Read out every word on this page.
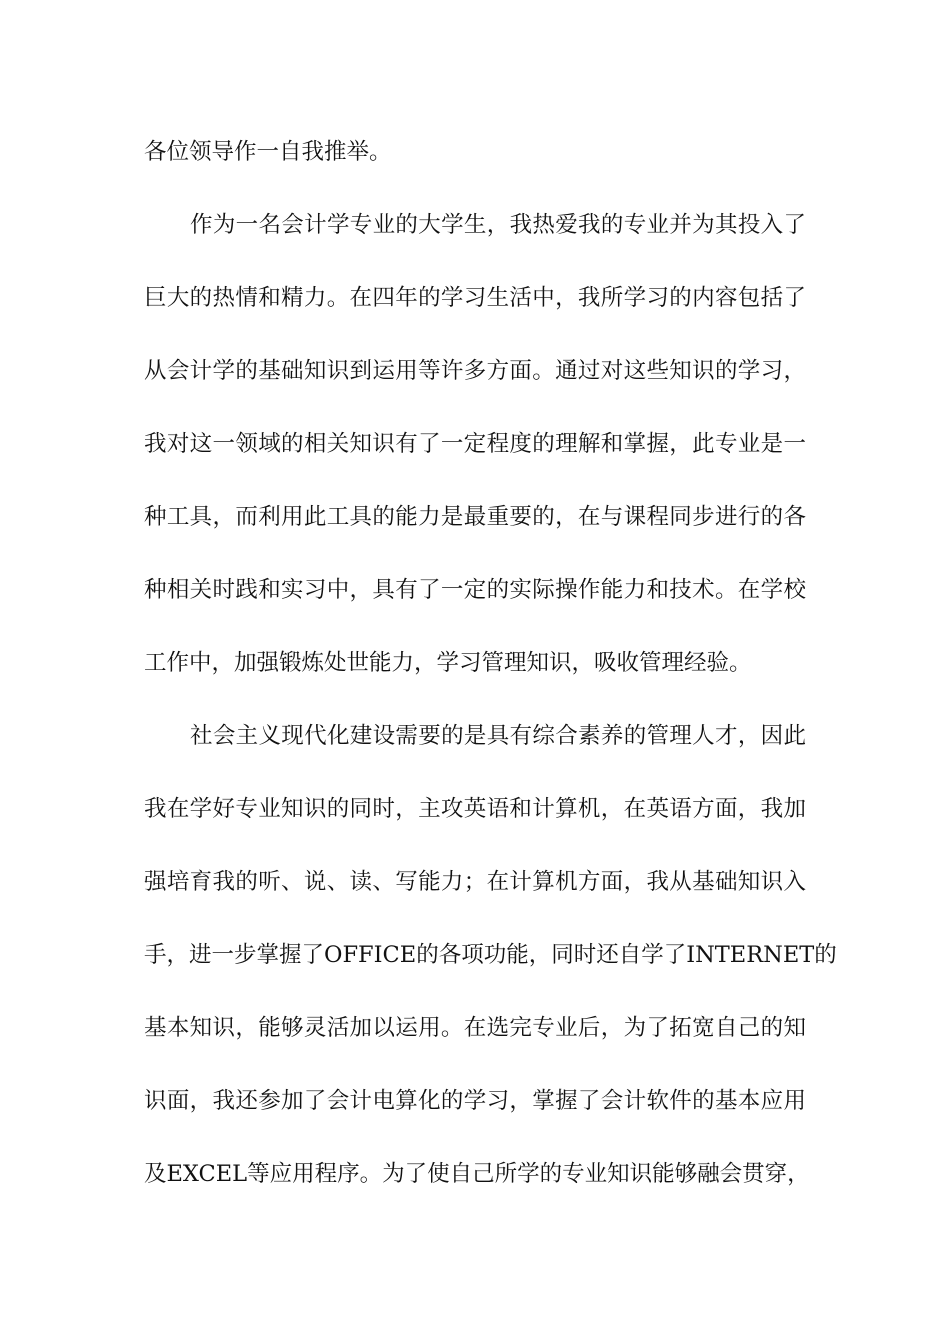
各位领导作一自我推举。
作为一名会计学专业的大学生，我热爱我的专业并为其投入了
巨大的热情和精力。在四年的学习生活中，我所学习的内容包括了
从会计学的基础知识到运用等许多方面。通过对这些知识的学习，
我对这一领域的相关知识有了一定程度的理解和掌握，此专业是一
种工具，而利用此工具的能力是最重要的，在与课程同步进行的各
种相关时践和实习中，具有了一定的实际操作能力和技术。在学校
工作中，加强锻炼处世能力，学习管理知识，吸收管理经验。
社会主义现代化建设需要的是具有综合素养的管理人才，因此
我在学好专业知识的同时，主攻英语和计算机，在英语方面，我加
强培育我的听、说、读、写能力；在计算机方面，我从基础知识入
手，进一步掌握了OFFICE的各项功能，同时还自学了INTERNET的
基本知识，能够灵活加以运用。在选完专业后，为了拓宽自己的知
识面，我还参加了会计电算化的学习，掌握了会计软件的基本应用
及EXCEL等应用程序。为了使自己所学的专业知识能够融会贯穿，
